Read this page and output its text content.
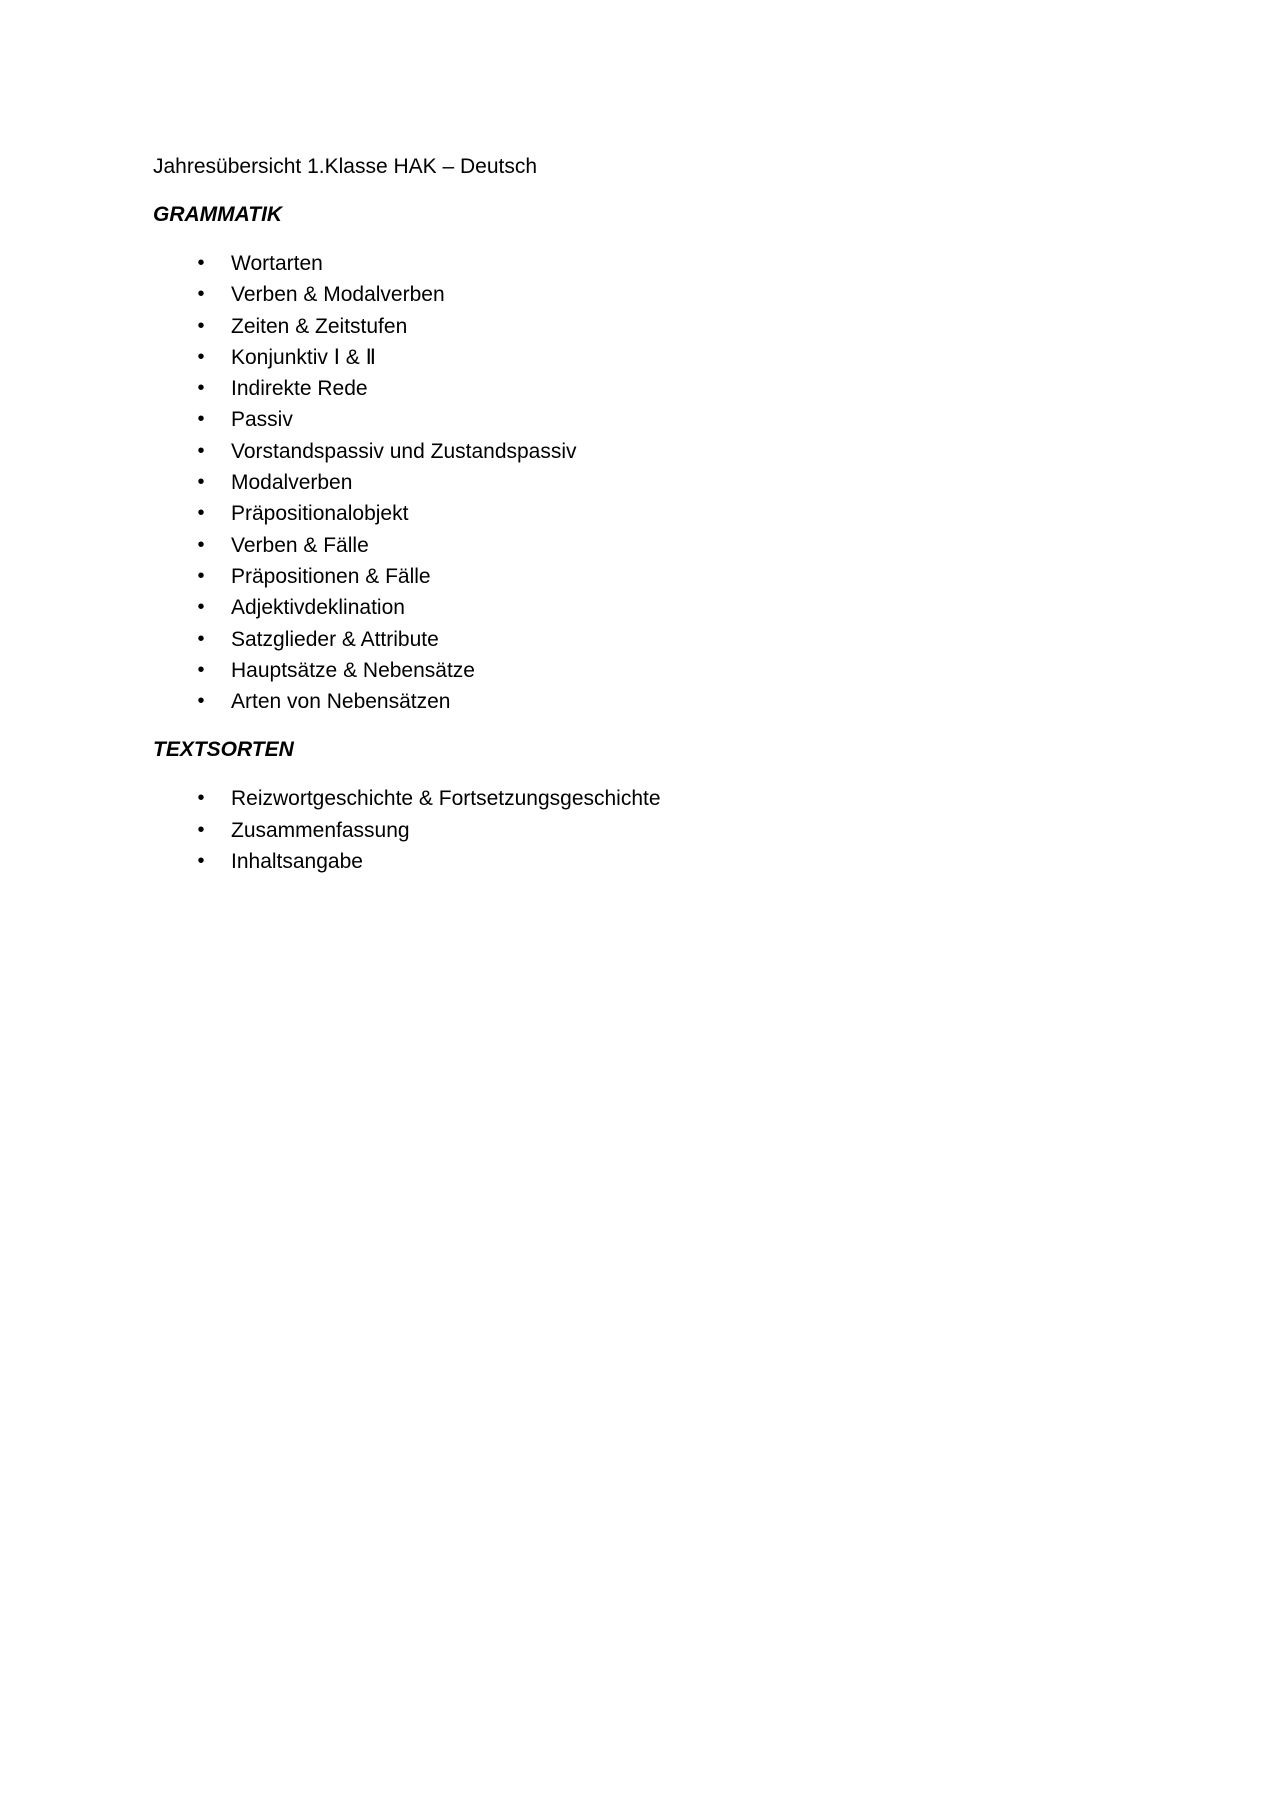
Jahresübersicht 1.Klasse HAK – Deutsch
GRAMMATIK
•	Wortarten
•	Verben & Modalverben
•	Zeiten & Zeitstufen
•	Konjunktiv Ⅰ & Ⅱ
•	Indirekte Rede
•	Passiv
•	Vorstandspassiv und Zustandspassiv
•	Modalverben
•	Präpositionalobjekt
•	Verben & Fälle
•	Präpositionen & Fälle
•	Adjektivdeklination
•	Satzglieder & Attribute
•	Hauptsätze & Nebensätze
•	Arten von Nebensätzen
TEXTSORTEN
•	Reizwortgeschichte & Fortsetzungsgeschichte
•	Zusammenfassung
•	Inhaltsangabe
